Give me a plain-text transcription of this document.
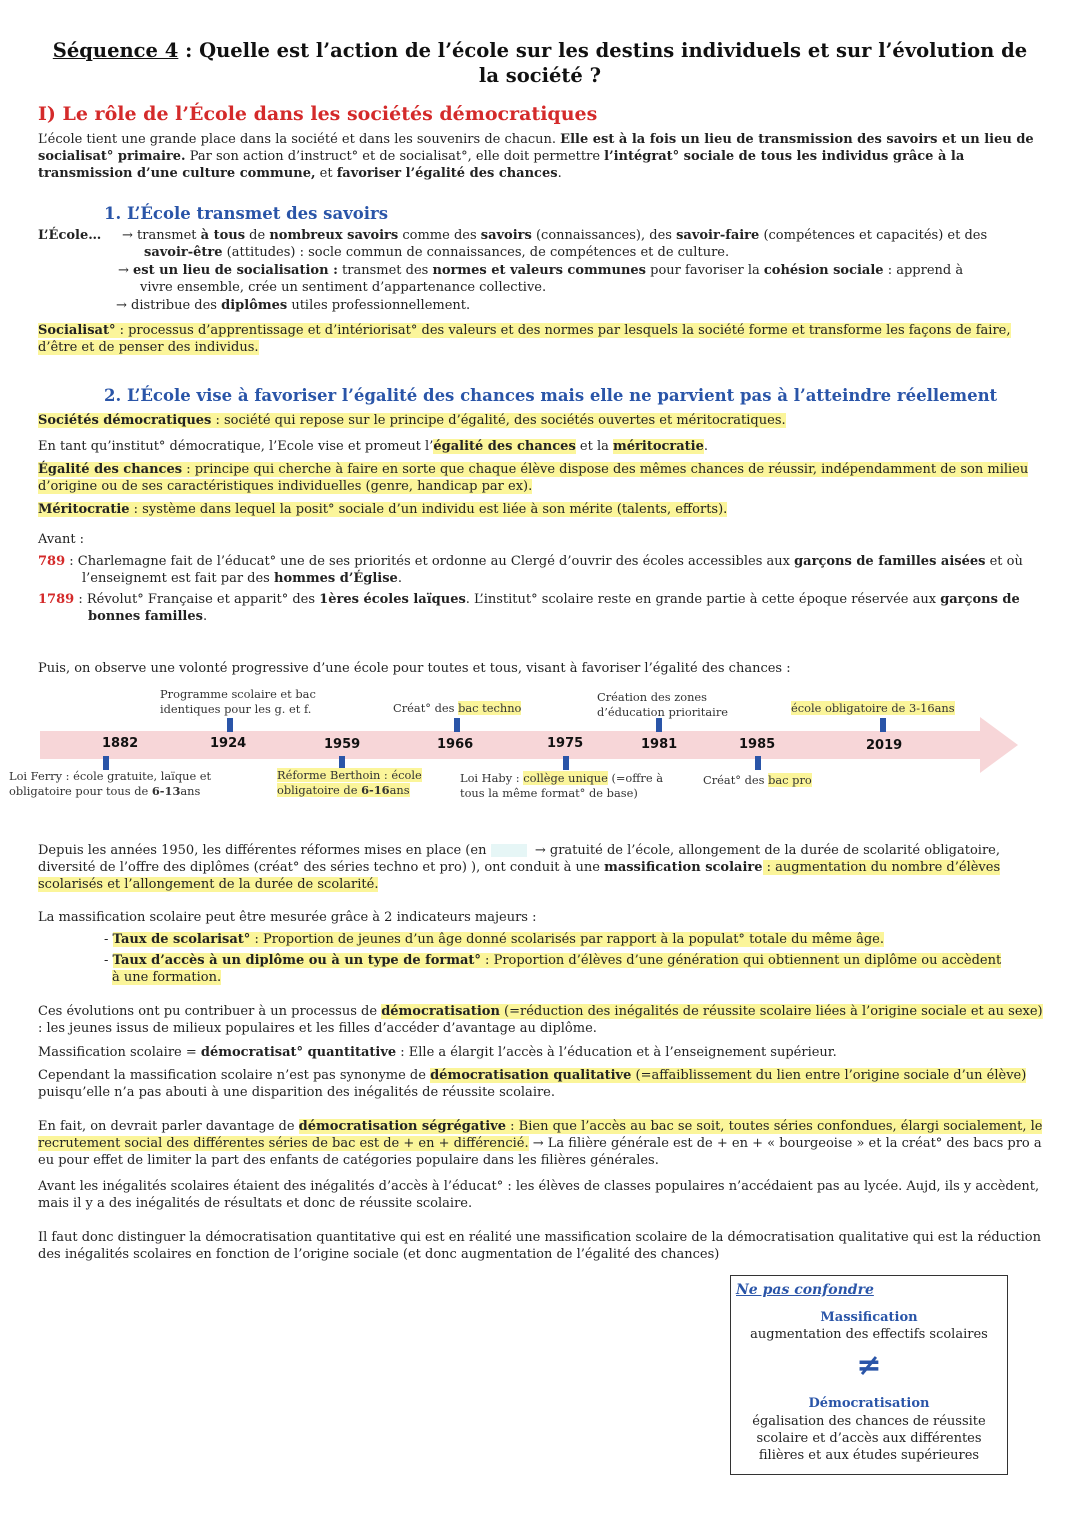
Séquence 4 : Quelle est l’action de l’école sur les destins individuels et sur l’évolution de la société ?
I) Le rôle de l’École dans les sociétés démocratiques
L’école tient une grande place dans la société et dans les souvenirs de chacun. Elle est à la fois un lieu de transmission des savoirs et un lieu de socialisat° primaire. Par son action d’instruct° et de socialisat°, elle doit permettre l’intégrat° sociale de tous les individus grâce à la transmission d’une culture commune, et favoriser l’égalité des chances.
1. L’École transmet des savoirs
L’École…	→ transmet à tous de nombreux savoirs comme des savoirs (connaissances), des savoir-faire (compétences et capacités) et des
savoir-être (attitudes) : socle commun de connaissances, de compétences et de culture.
→ est un lieu de socialisation : transmet des normes et valeurs communes pour favoriser la cohésion sociale : apprend à
vivre ensemble, crée un sentiment d’appartenance collective.
→ distribue des diplômes utiles professionnellement.
Socialisat° : processus d’apprentissage et d’intériorisat° des valeurs et des normes par lesquels la société forme et transforme les façons de faire, d’être et de penser des individus.
2. L’École vise à favoriser l’égalité des chances mais elle ne parvient pas à l’atteindre réellement
Sociétés démocratiques : société qui repose sur le principe d’égalité, des sociétés ouvertes et méritocratiques.
En tant qu’institut° démocratique, l’Ecole vise et promeut l’égalité des chances et la méritocratie.
Égalité des chances : principe qui cherche à faire en sorte que chaque élève dispose des mêmes chances de réussir, indépendamment de son milieu d’origine ou de ses caractéristiques individuelles (genre, handicap par ex).
Méritocratie : système dans lequel la posit° sociale d’un individu est liée à son mérite (talents, efforts).
Avant :
789 : Charlemagne fait de l’éducat° une de ses priorités et ordonne au Clergé d’ouvrir des écoles accessibles aux garçons de familles aisées et où l’enseignemt est fait par des hommes d’Église.
1789 : Révolut° Française et apparit° des 1ères écoles laïques. L’institut° scolaire reste en grande partie à cette époque réservée aux garçons de bonnes familles.
Puis, on observe une volonté progressive d’une école pour toutes et tous, visant à favoriser l’égalité des chances :
1882	1924	1959	1966	1975	1981	1985	2019
Programme scolaire et bac identiques pour les g. et f.	Créat° des bac techno
Création des zones d’éducation prioritaire	école obligatoire de 3-16ans
Loi Ferry : école gratuite, laïque et obligatoire pour tous de 6-13ans
Réforme Berthoin : école obligatoire de 6-16ans
Loi Haby : collège unique (=offre à tous la même format° de base)
Créat° des bac pro
Depuis les années 1950, les différentes réformes mises en place (en	→ gratuité de l’école, allongement de la durée de scolarité obligatoire, diversité de l’offre des diplômes (créat° des séries techno et pro) ), ont conduit à une massification scolaire : augmentation du nombre d’élèves scolarisés et l’allongement de la durée de scolarité.
La massification scolaire peut être mesurée grâce à 2 indicateurs majeurs :
- Taux de scolarisat° : Proportion de jeunes d’un âge donné scolarisés par rapport à la populat° totale du même âge.
- Taux d’accès à un diplôme ou à un type de format° : Proportion d’élèves d’une génération qui obtiennent un diplôme ou accèdent à une formation.
Ces évolutions ont pu contribuer à un processus de démocratisation (=réduction des inégalités de réussite scolaire liées à l’origine sociale et au sexe) : les jeunes issus de milieux populaires et les filles d’accéder d’avantage au diplôme.
Massification scolaire = démocratisat° quantitative : Elle a élargit l’accès à l’éducation et à l’enseignement supérieur.
Cependant la massification scolaire n’est pas synonyme de démocratisation qualitative (=affaiblissement du lien entre l’origine sociale d’un élève) puisqu’elle n’a pas abouti à une disparition des inégalités de réussite scolaire.
En fait, on devrait parler davantage de démocratisation ségrégative : Bien que l’accès au bac se soit, toutes séries confondues, élargi socialement, le recrutement social des différentes séries de bac est de + en + différencié. → La filière générale est de + en + « bourgeoise » et la créat° des bacs pro a eu pour effet de limiter la part des enfants de catégories populaire dans les filières générales.
Avant les inégalités scolaires étaient des inégalités d’accès à l’éducat° : les élèves de classes populaires n’accédaient pas au lycée. Aujd, ils y accèdent, mais il y a des inégalités de résultats et donc de réussite scolaire.
Il faut donc distinguer la démocratisation quantitative qui est en réalité une massification scolaire de la démocratisation qualitative qui est la réduction des inégalités scolaires en fonction de l’origine sociale (et donc augmentation de l’égalité des chances)
Ne pas confondre
Massification
augmentation des effectifs scolaires
≠
Démocratisation
égalisation des chances de réussite scolaire et d’accès aux différentes filières et aux études supérieures
